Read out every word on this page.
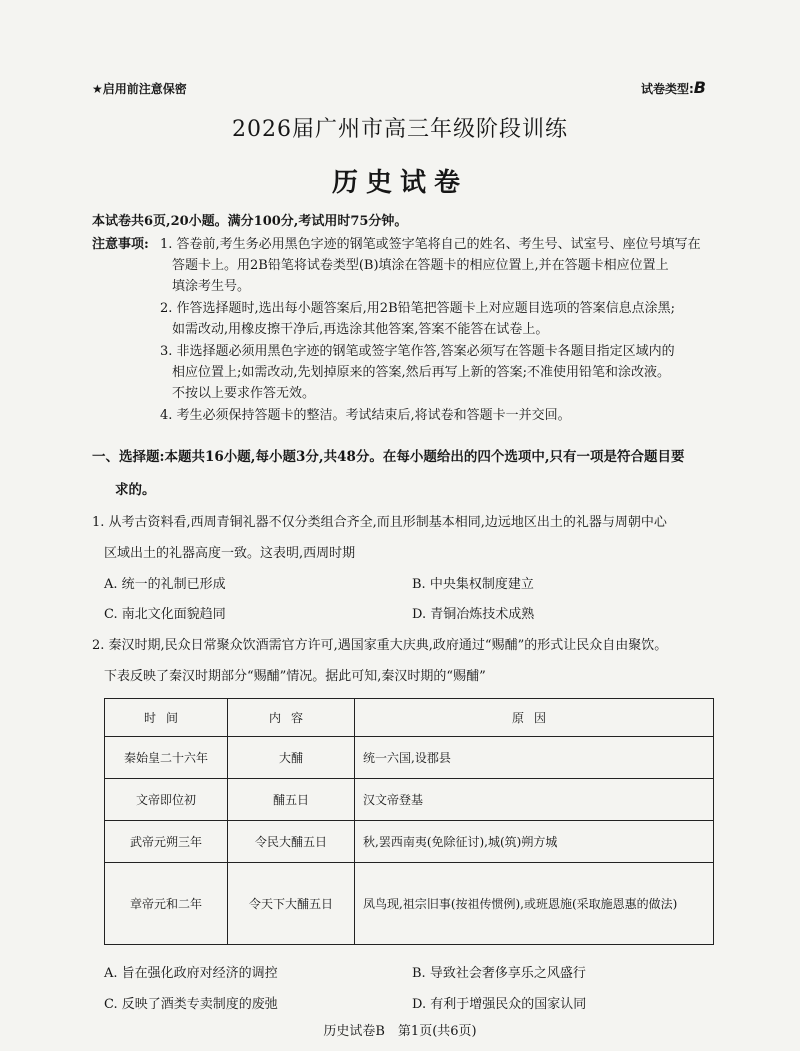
★启用前注意保密	试卷类型:B
2026届广州市高三年级阶段训练
历史试卷
本试卷共6页,20小题。满分100分,考试用时75分钟。
注意事项: 1. 答卷前,考生务必用黑色字迹的钢笔或签字笔将自己的姓名、考生号、试室号、座位号填写在
答题卡上。用2B铅笔将试卷类型(B)填涂在答题卡的相应位置上,并在答题卡相应位置上
填涂考生号。
2. 作答选择题时,选出每小题答案后,用2B铅笔把答题卡上对应题目选项的答案信息点涂黑;
如需改动,用橡皮擦干净后,再选涂其他答案,答案不能答在试卷上。
3. 非选择题必须用黑色字迹的钢笔或签字笔作答,答案必须写在答题卡各题目指定区域内的
相应位置上;如需改动,先划掉原来的答案,然后再写上新的答案;不准使用铅笔和涂改液。
不按以上要求作答无效。
4. 考生必须保持答题卡的整洁。考试结束后,将试卷和答题卡一并交回。
一、选择题:本题共16小题,每小题3分,共48分。在每小题给出的四个选项中,只有一项是符合题目要
求的。
1. 从考古资料看,西周青铜礼器不仅分类组合齐全,而且形制基本相同,边远地区出土的礼器与周朝中心
区域出土的礼器高度一致。这表明,西周时期
A. 统一的礼制已形成	B. 中央集权制度建立
C. 南北文化面貌趋同	D. 青铜冶炼技术成熟
2. 秦汉时期,民众日常聚众饮酒需官方许可,遇国家重大庆典,政府通过“赐酺”的形式让民众自由聚饮。
下表反映了秦汉时期部分“赐酺”情况。据此可知,秦汉时期的“赐酺”
时间	内容	原因
秦始皇二十六年	大酺	统一六国,设郡县
文帝即位初	酺五日	汉文帝登基
武帝元朔三年	令民大酺五日	秋,罢西南夷(免除征讨),城(筑)朔方城
章帝元和二年	令天下大酺五日	凤鸟现,祖宗旧事(按祖传惯例),或班恩施(采取施恩惠的做法)
A. 旨在强化政府对经济的调控	B. 导致社会奢侈享乐之风盛行
C. 反映了酒类专卖制度的废弛	D. 有利于增强民众的国家认同
历史试卷B　第1页(共6页)
